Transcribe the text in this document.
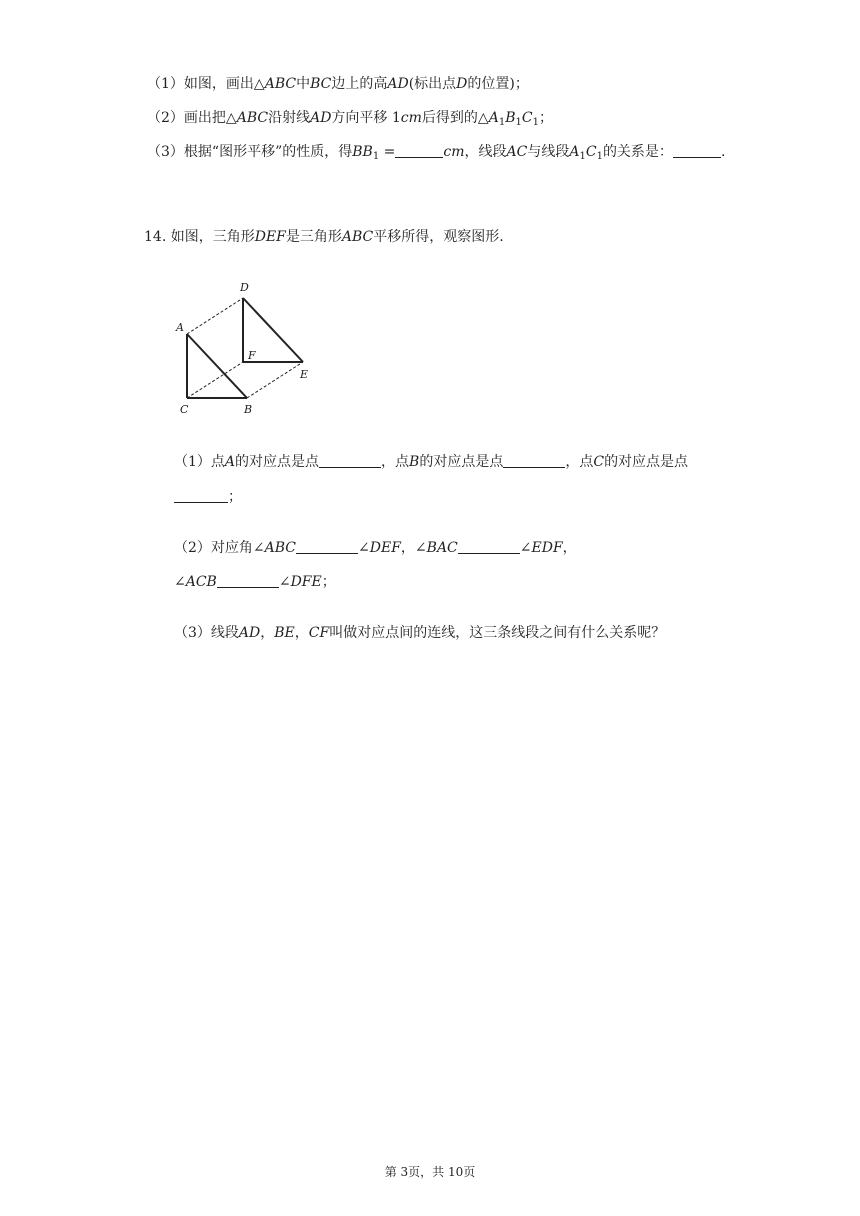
（1）如图，画出△ABC中BC边上的高AD(标出点D的位置)；
（2）画出把△ABC沿射线AD方向平移 1cm后得到的$\triangle A_1B_1C_1$；
（3）根据“图形平移”的性质，得$BB_1$ =	cm，线段AC与线段$A_1C_1$的关系是：	.
14. 如图，三角形DEF是三角形ABC平移所得，观察图形.
A
D
F
E
C	B
（1）点A的对应点是点	，点B的对应点是点	，点C的对应点是点
；
（2）对应角∠ABC	∠DEF，∠BAC	∠EDF，
∠ACB	∠DFE；
（3）线段AD，BE，CF叫做对应点间的连线，这三条线段之间有什么关系呢？
第 3页，共 10页
